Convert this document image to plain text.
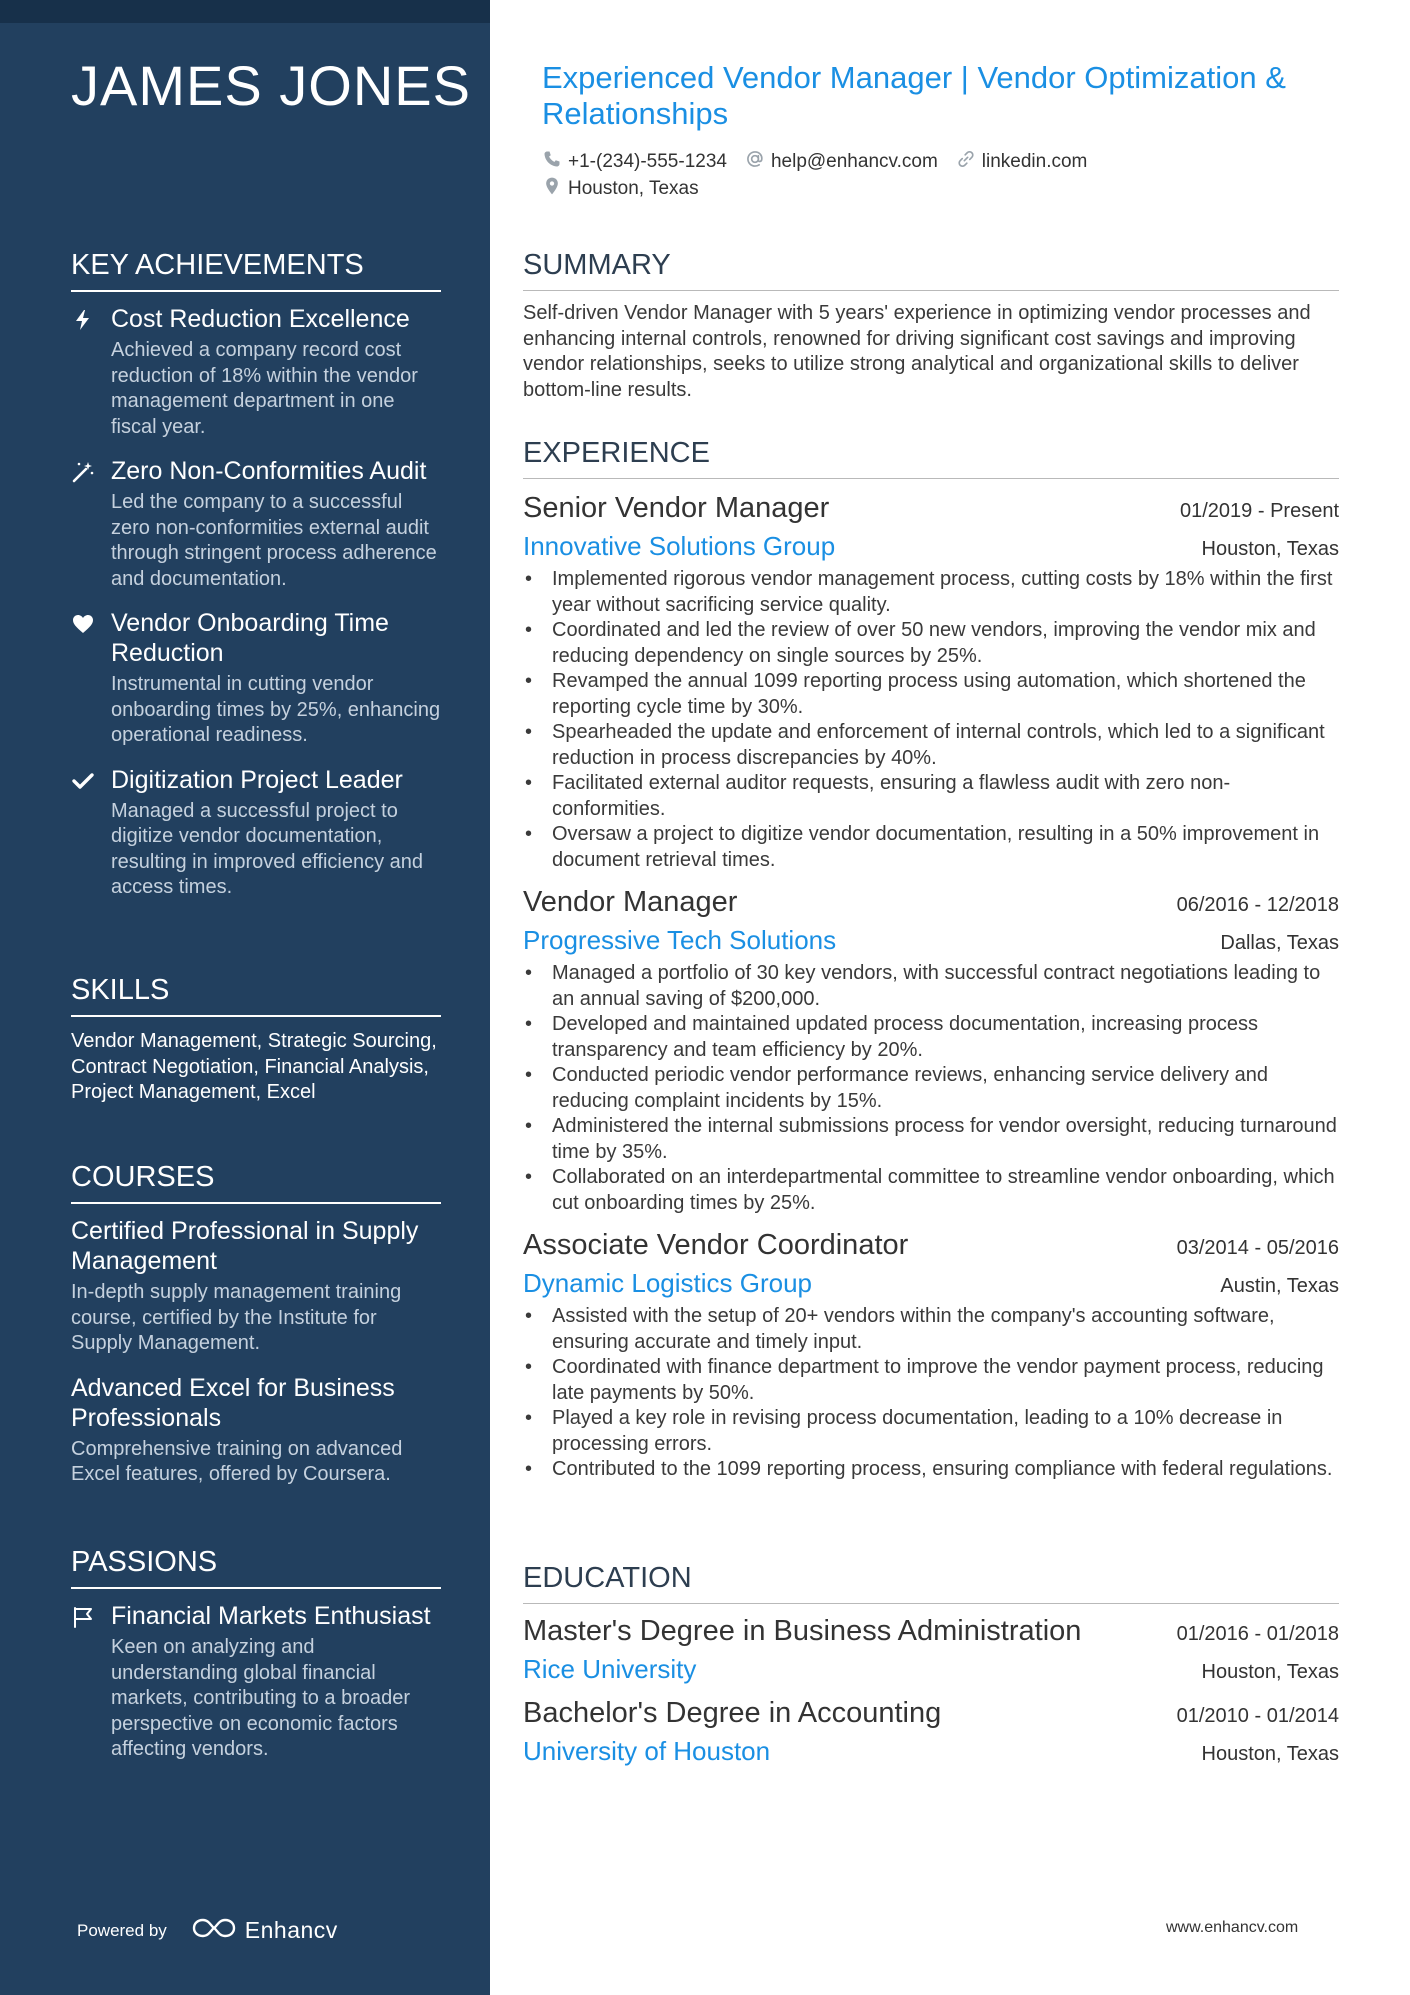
JAMES JONES
KEY ACHIEVEMENTS
Cost Reduction Excellence
Achieved a company record cost reduction of 18% within the vendor management department in one fiscal year.
Zero Non-Conformities Audit
Led the company to a successful zero non-conformities external audit through stringent process adherence and documentation.
Vendor Onboarding Time Reduction
Instrumental in cutting vendor onboarding times by 25%, enhancing operational readiness.
Digitization Project Leader
Managed a successful project to digitize vendor documentation, resulting in improved efficiency and access times.
SKILLS
Vendor Management, Strategic Sourcing, Contract Negotiation, Financial Analysis, Project Management, Excel
COURSES
Certified Professional in Supply Management
In-depth supply management training course, certified by the Institute for Supply Management.
Advanced Excel for Business Professionals
Comprehensive training on advanced Excel features, offered by Coursera.
PASSIONS
Financial Markets Enthusiast
Keen on analyzing and understanding global financial markets, contributing to a broader perspective on economic factors affecting vendors.
Powered by	Enhancv
Experienced Vendor Manager | Vendor Optimization & Relationships
+1-(234)-555-1234 help@enhancv.com linkedin.com
Houston, Texas
SUMMARY
Self-driven Vendor Manager with 5 years' experience in optimizing vendor processes and enhancing internal controls, renowned for driving significant cost savings and improving vendor relationships, seeks to utilize strong analytical and organizational skills to deliver bottom-line results.
EXPERIENCE
Senior Vendor Manager	01/2019 - Present
Innovative Solutions Group	Houston, Texas
• Implemented rigorous vendor management process, cutting costs by 18% within the first year without sacrificing service quality.
• Coordinated and led the review of over 50 new vendors, improving the vendor mix and reducing dependency on single sources by 25%.
• Revamped the annual 1099 reporting process using automation, which shortened the reporting cycle time by 30%.
• Spearheaded the update and enforcement of internal controls, which led to a significant reduction in process discrepancies by 40%.
• Facilitated external auditor requests, ensuring a flawless audit with zero non-conformities.
• Oversaw a project to digitize vendor documentation, resulting in a 50% improvement in document retrieval times.
Vendor Manager	06/2016 - 12/2018
Progressive Tech Solutions	Dallas, Texas
• Managed a portfolio of 30 key vendors, with successful contract negotiations leading to an annual saving of $200,000.
• Developed and maintained updated process documentation, increasing process transparency and team efficiency by 20%.
• Conducted periodic vendor performance reviews, enhancing service delivery and reducing complaint incidents by 15%.
• Administered the internal submissions process for vendor oversight, reducing turnaround time by 35%.
• Collaborated on an interdepartmental committee to streamline vendor onboarding, which cut onboarding times by 25%.
Associate Vendor Coordinator	03/2014 - 05/2016
Dynamic Logistics Group	Austin, Texas
• Assisted with the setup of 20+ vendors within the company's accounting software, ensuring accurate and timely input.
• Coordinated with finance department to improve the vendor payment process, reducing late payments by 50%.
• Played a key role in revising process documentation, leading to a 10% decrease in processing errors.
• Contributed to the 1099 reporting process, ensuring compliance with federal regulations.
EDUCATION
Master's Degree in Business Administration	01/2016 - 01/2018
Rice University	Houston, Texas
Bachelor's Degree in Accounting	01/2010 - 01/2014
University of Houston	Houston, Texas
www.enhancv.com
